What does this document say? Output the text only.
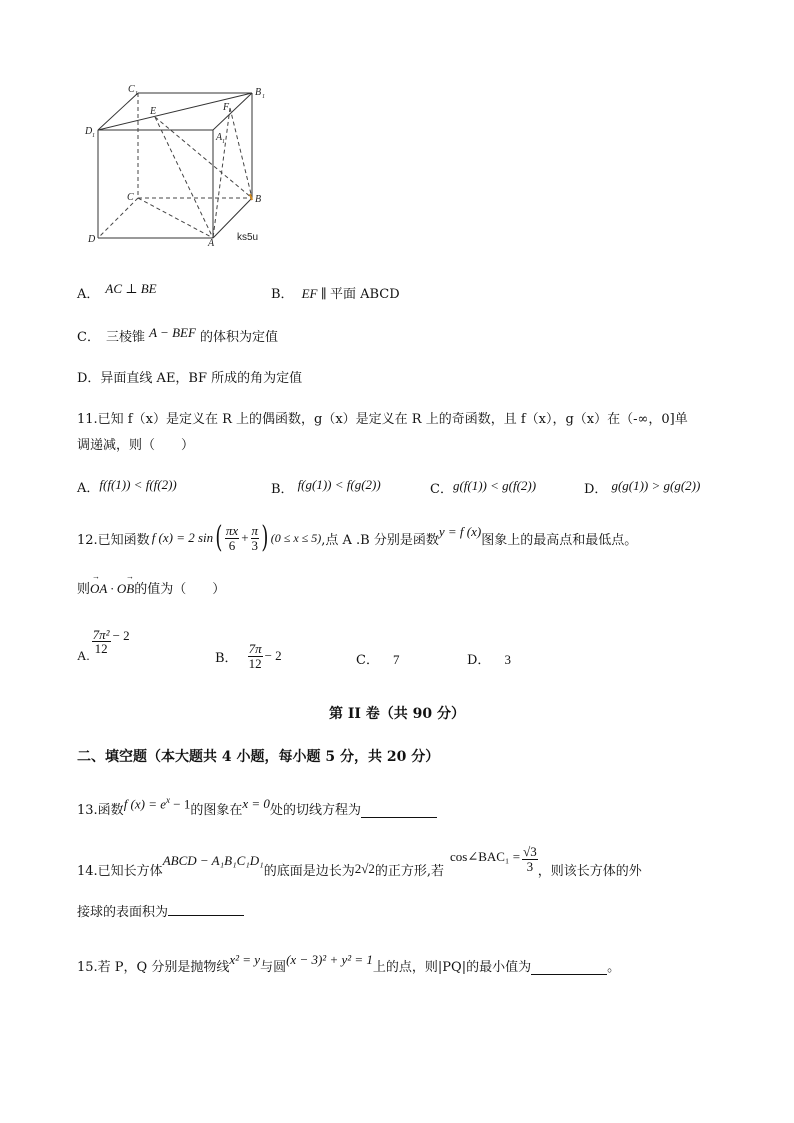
C 1	B 1
D 1
E	F
A 1
C	B
D	A
ks5u
A． AC ⊥ BE	B． EF ∥ 平面 ABCD
C． 三棱锥 A − BEF 的体积为定值
D．异面直线 AE，BF 所成的角为定值
11.已知 f（x）是定义在 R 上的偶函数，g（x）是定义在 R 上的奇函数，且 f（x），g（x）在（-∞，0]单
调递减，则（　　）
A．f(f(1)) < f(f(2))	B． f(g(1)) < f(g(2))	C．g(f(1)) < g(f(2))	D． g(g(1)) > g(g(2))
12.已知函数 f (x) = 2 sin ( $\frac{\pi x}{6} + \frac{\pi}{3}$ ) (0 ≤ x ≤ 5) ,点 A .B 分别是函数
y = f (x)
图象上的最高点和最低点。
则
→ →
OA · OB的值为（　　）
A. $\frac{\text{7π²}}{12} - 2$
B． $\frac{7\pi}{12} - 2$	C． 7	D． 3
第 II 卷（共 90 分）
二、填空题（本大题共 4 小题，每小题 5 分，共 20 分）
13.函数 f $(x) = e^x - 1$ 的图象在 x = 0 处的切线方程为
14.已知长方体
ABCD − A₁B₁C₁D₁
的底面是边长为 2√2 的正方形,若
cos∠BAC₁ = $\frac{√3}{3}$ ，则该长方体的外
接球的表面积为
15.若 P，Q 分别是抛物线
x² = y
与圆
(x − 3)² + y² = 1
上的点，则|PQ|的最小值为	。
